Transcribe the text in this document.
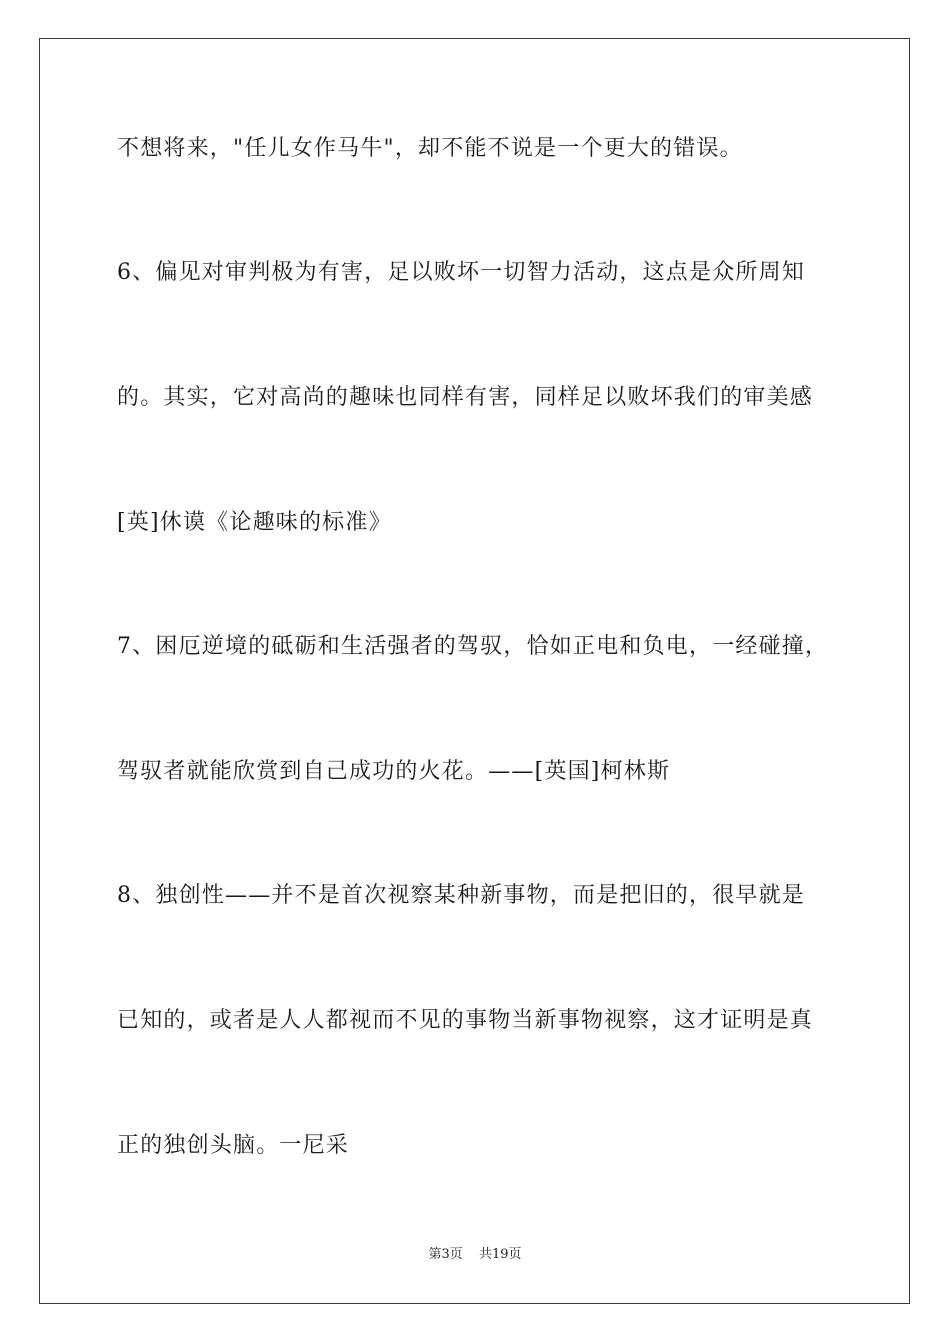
不想将来，"任儿女作马牛"，却不能不说是一个更大的错误。
6、偏见对审判极为有害，足以败坏一切智力活动，这点是众所周知
的。其实，它对高尚的趣味也同样有害，同样足以败坏我们的审美感
[英]休谟《论趣味的标准》
7、困厄逆境的砥砺和生活强者的驾驭，恰如正电和负电，一经碰撞，
驾驭者就能欣赏到自己成功的火花。——[英国]柯林斯
8、独创性——并不是首次视察某种新事物，而是把旧的，很早就是
已知的，或者是人人都视而不见的事物当新事物视察，这才证明是真
正的独创头脑。一尼采
第3页 共19页
